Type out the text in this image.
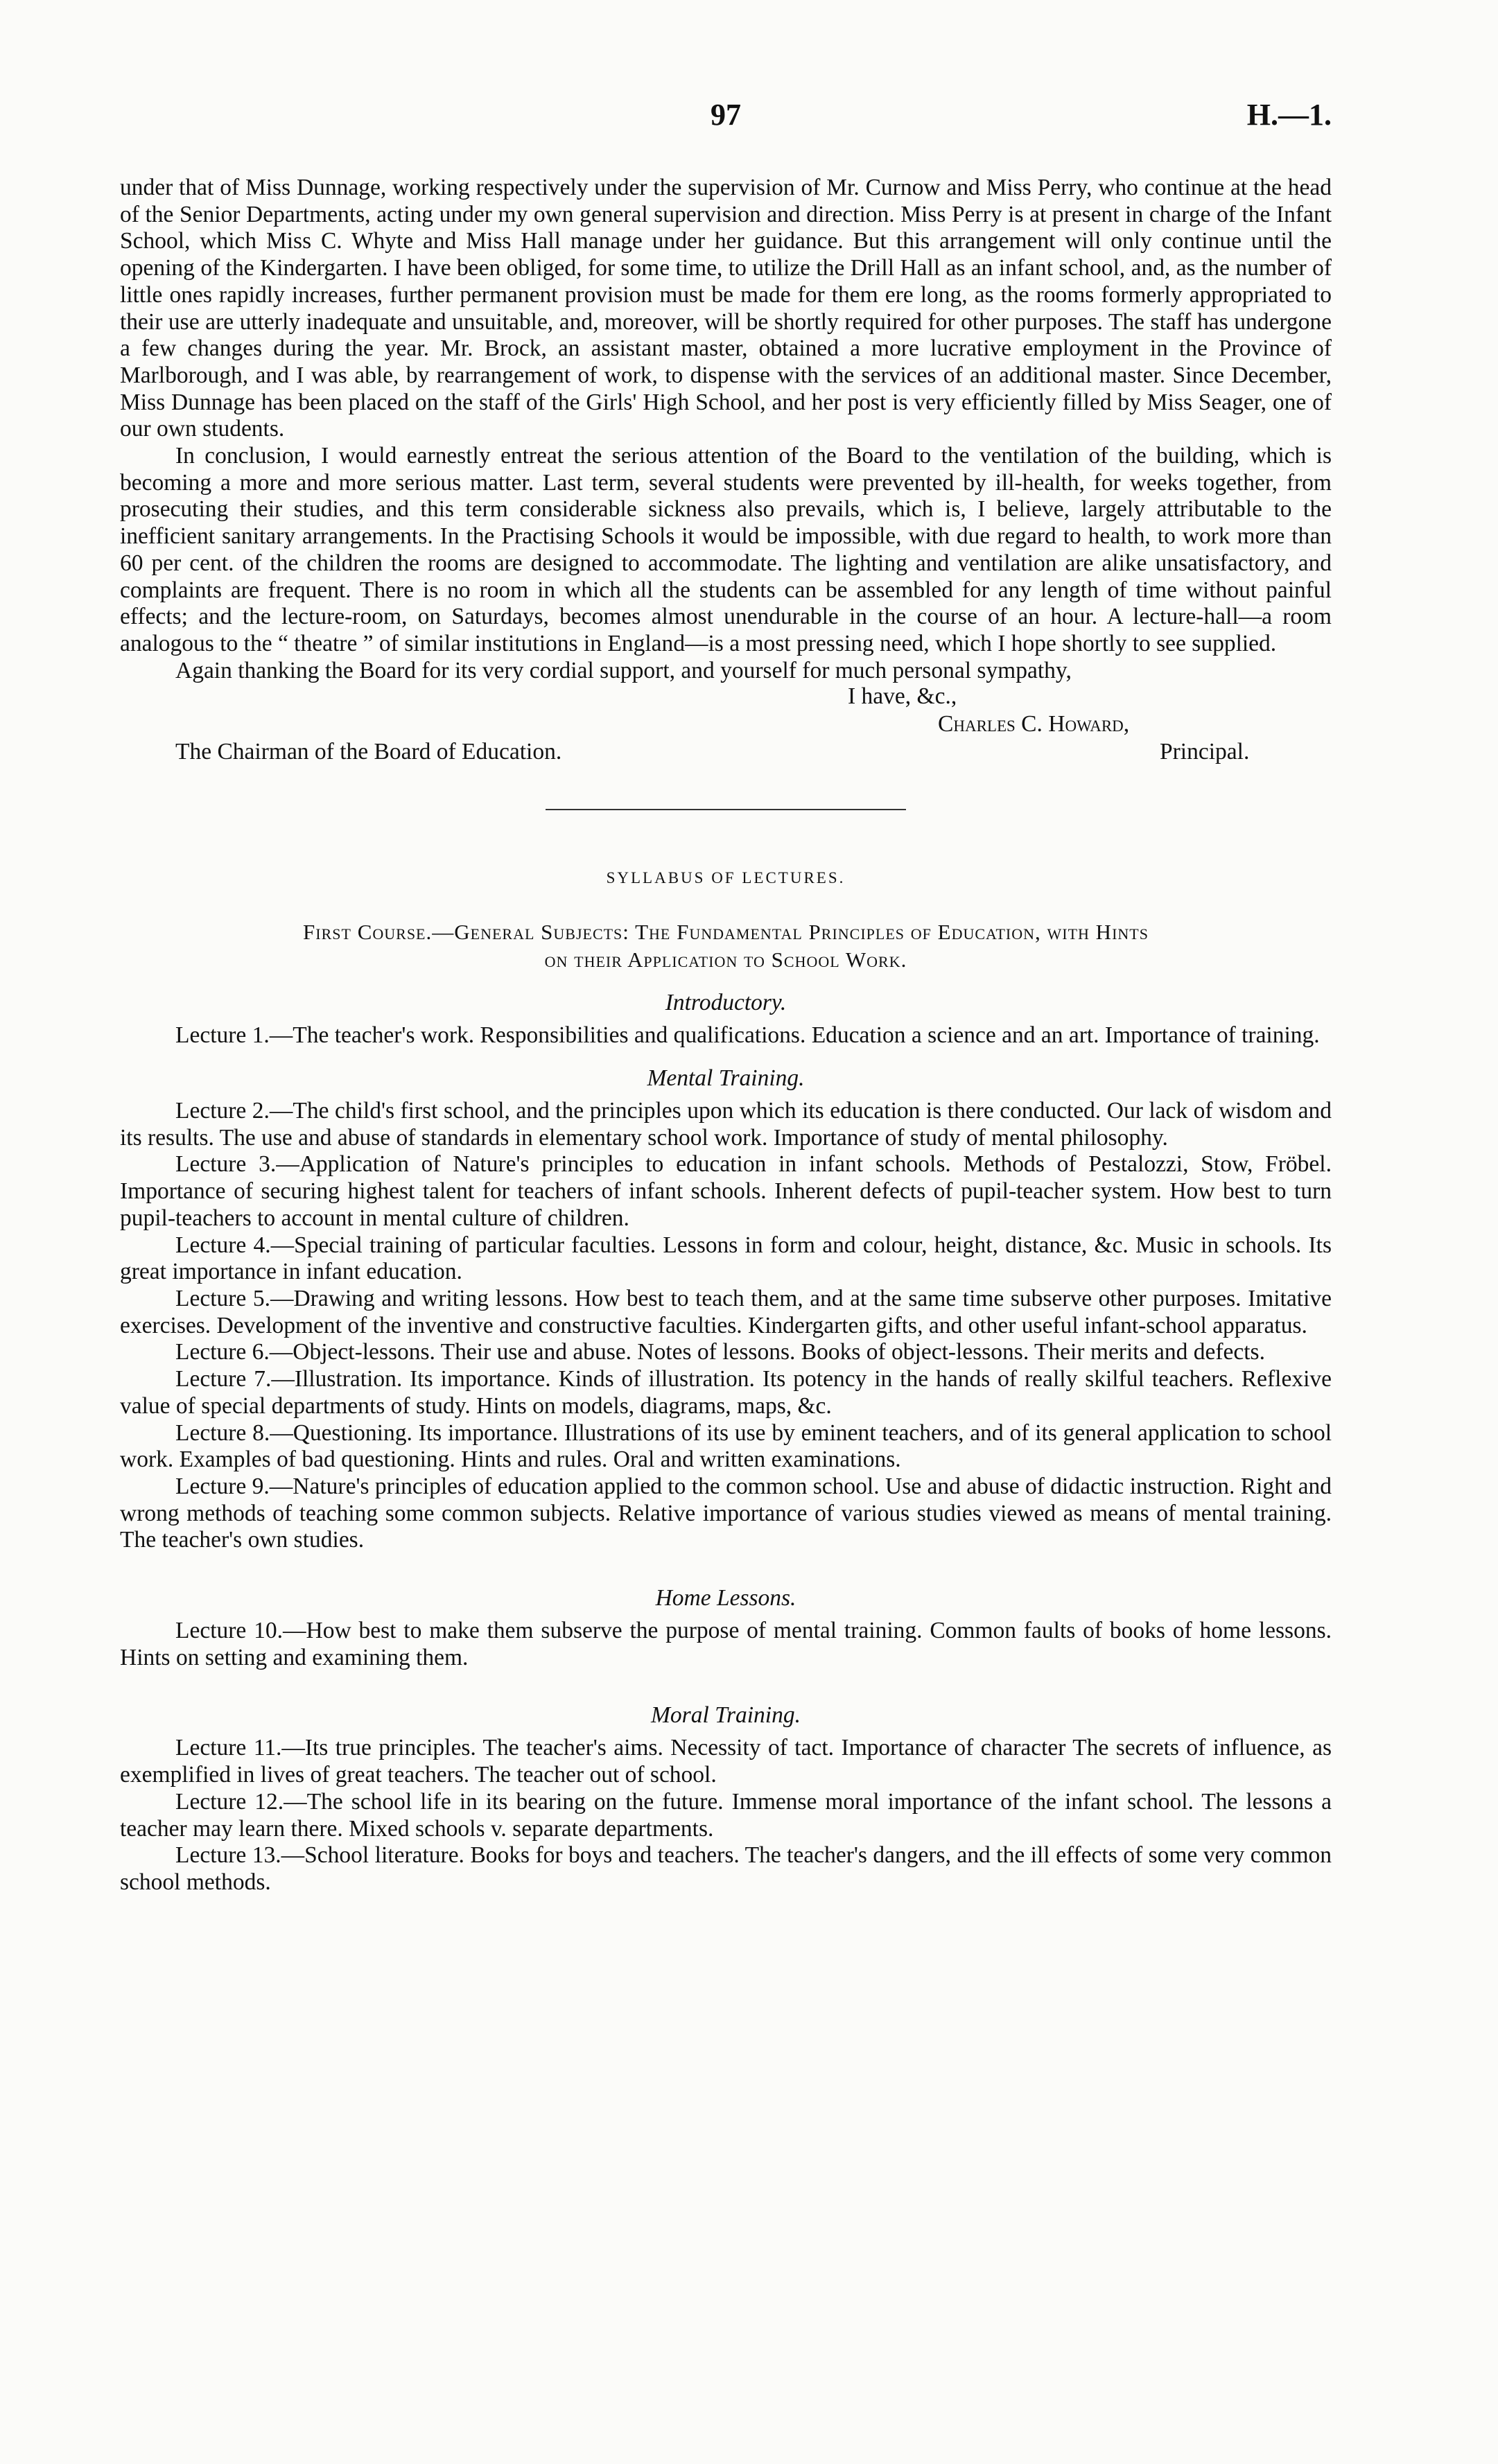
97	H.—1.

under that of Miss Dunnage, working respectively under the supervision of Mr. Curnow and Miss Perry, who continue at the head of the Senior Departments, acting under my own general supervision and direction. Miss Perry is at present in charge of the Infant School, which Miss C. Whyte and Miss Hall manage under her guidance. But this arrangement will only continue until the opening of the Kindergarten. I have been obliged, for some time, to utilize the Drill Hall as an infant school, and, as the number of little ones rapidly increases, further permanent provision must be made for them ere long, as the rooms formerly appropriated to their use are utterly inadequate and unsuitable, and, moreover, will be shortly required for other purposes. The staff has undergone a few changes during the year. Mr. Brock, an assistant master, obtained a more lucrative employment in the Province of Marlborough, and I was able, by rearrangement of work, to dispense with the services of an additional master. Since December, Miss Dunnage has been placed on the staff of the Girls' High School, and her post is very efficiently filled by Miss Seager, one of our own students.

In conclusion, I would earnestly entreat the serious attention of the Board to the ventilation of the building, which is becoming a more and more serious matter. Last term, several students were prevented by ill-health, for weeks together, from prosecuting their studies, and this term considerable sickness also prevails, which is, I believe, largely attributable to the inefficient sanitary arrangements. In the Practising Schools it would be impossible, with due regard to health, to work more than 60 per cent. of the children the rooms are designed to accommodate. The lighting and ventilation are alike unsatisfactory, and complaints are frequent. There is no room in which all the students can be assembled for any length of time without painful effects; and the lecture-room, on Saturdays, becomes almost unendurable in the course of an hour. A lecture-hall—a room analogous to the “ theatre ” of similar institutions in England—is a most pressing need, which I hope shortly to see supplied.

Again thanking the Board for its very cordial support, and yourself for much personal sympathy,

I have, &c.,
Charles C. Howard,
Principal.
The Chairman of the Board of Education.
SYLLABUS OF LECTURES.
First Course.—General Subjects: The Fundamental Principles of Education, with Hints
on their Application to School Work.
Introductory.

Lecture 1.—The teacher's work. Responsibilities and qualifications. Education a science and an art. Importance of training.

Mental Training.

Lecture 2.—The child's first school, and the principles upon which its education is there conducted. Our lack of wisdom and its results. The use and abuse of standards in elementary school work. Importance of study of mental philosophy.

Lecture 3.—Application of Nature's principles to education in infant schools. Methods of Pestalozzi, Stow, Fröbel. Importance of securing highest talent for teachers of infant schools. Inherent defects of pupil-teacher system. How best to turn pupil-teachers to account in mental culture of children.

Lecture 4.—Special training of particular faculties. Lessons in form and colour, height, distance, &c. Music in schools. Its great importance in infant education.

Lecture 5.—Drawing and writing lessons. How best to teach them, and at the same time subserve other purposes. Imitative exercises. Development of the inventive and constructive faculties. Kindergarten gifts, and other useful infant-school apparatus.

Lecture 6.—Object-lessons. Their use and abuse. Notes of lessons. Books of object-lessons. Their merits and defects.

Lecture 7.—Illustration. Its importance. Kinds of illustration. Its potency in the hands of really skilful teachers. Reflexive value of special departments of study. Hints on models, diagrams, maps, &c.

Lecture 8.—Questioning. Its importance. Illustrations of its use by eminent teachers, and of its general application to school work. Examples of bad questioning. Hints and rules. Oral and written examinations.

Lecture 9.—Nature's principles of education applied to the common school. Use and abuse of didactic instruction. Right and wrong methods of teaching some common subjects. Relative importance of various studies viewed as means of mental training. The teacher's own studies.

Home Lessons.

Lecture 10.—How best to make them subserve the purpose of mental training. Common faults of books of home lessons. Hints on setting and examining them.

Moral Training.

Lecture 11.—Its true principles. The teacher's aims. Necessity of tact. Importance of character The secrets of influence, as exemplified in lives of great teachers. The teacher out of school.

Lecture 12.—The school life in its bearing on the future. Immense moral importance of the infant school. The lessons a teacher may learn there. Mixed schools v. separate departments.

Lecture 13.—School literature. Books for boys and teachers. The teacher's dangers, and the ill effects of some very common school methods.
